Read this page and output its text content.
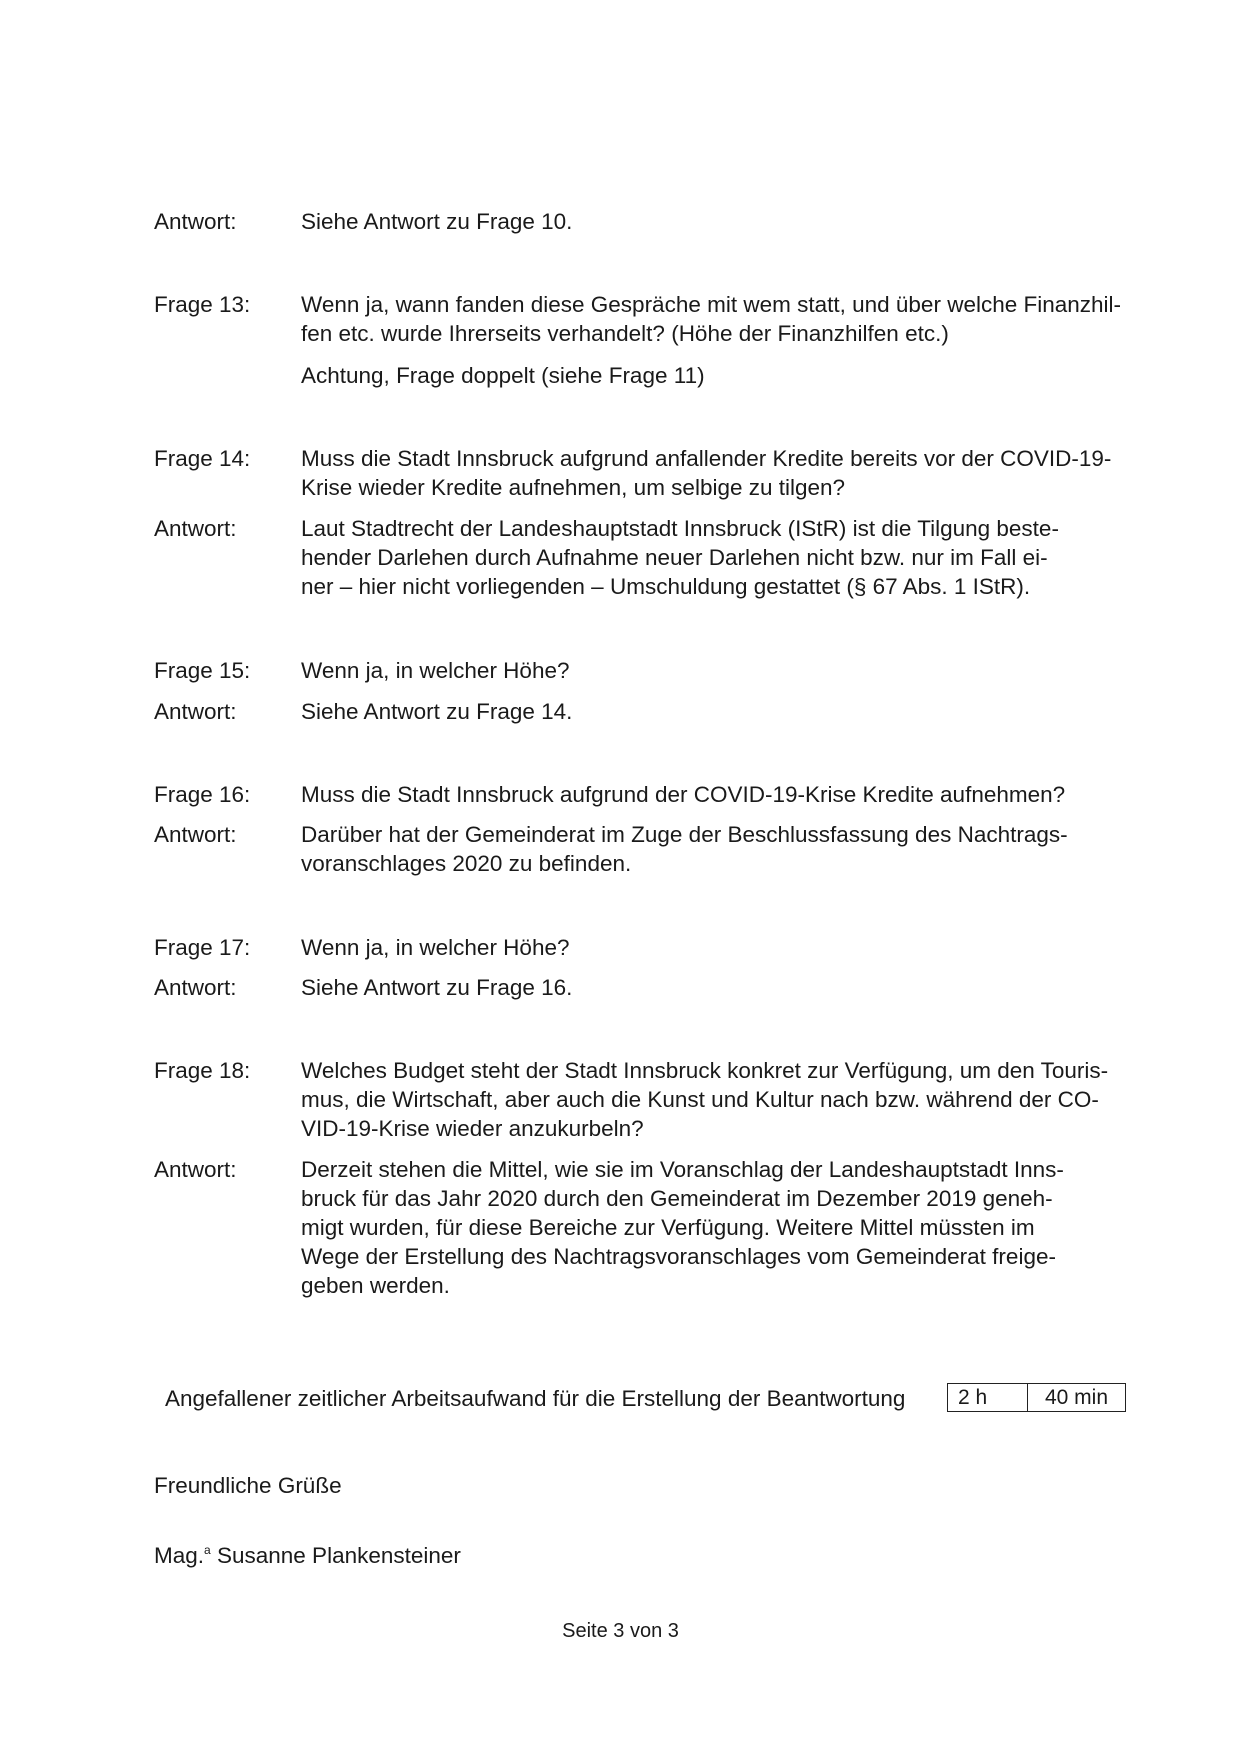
Antwort:	Siehe Antwort zu Frage 10.
Frage 13: Wenn ja, wann fanden diese Gespräche mit wem statt, und über welche Finanzhil-
fen etc. wurde Ihrerseits verhandelt? (Höhe der Finanzhilfen etc.)
Achtung, Frage doppelt (siehe Frage 11)
Frage 14: Muss die Stadt Innsbruck aufgrund anfallender Kredite bereits vor der COVID-19-
Krise wieder Kredite aufnehmen, um selbige zu tilgen?
Antwort:	Laut Stadtrecht der Landeshauptstadt Innsbruck (IStR) ist die Tilgung beste-
hender Darlehen durch Aufnahme neuer Darlehen nicht bzw. nur im Fall ei-
ner – hier nicht vorliegenden – Umschuldung gestattet (§ 67 Abs. 1 IStR).
Frage 15: Wenn ja, in welcher Höhe?
Antwort:	Siehe Antwort zu Frage 14.
Frage 16: Muss die Stadt Innsbruck aufgrund der COVID-19-Krise Kredite aufnehmen?
Antwort:	Darüber hat der Gemeinderat im Zuge der Beschlussfassung des Nachtrags-
voranschlages 2020 zu befinden.
Frage 17: Wenn ja, in welcher Höhe?
Antwort:	Siehe Antwort zu Frage 16.
Frage 18: Welches Budget steht der Stadt Innsbruck konkret zur Verfügung, um den Touris-
mus, die Wirtschaft, aber auch die Kunst und Kultur nach bzw. während der CO-
VID-19-Krise wieder anzukurbeln?
Antwort:	Derzeit stehen die Mittel, wie sie im Voranschlag der Landeshauptstadt Inns-
bruck für das Jahr 2020 durch den Gemeinderat im Dezember 2019 geneh-
migt wurden, für diese Bereiche zur Verfügung. Weitere Mittel müssten im
Wege der Erstellung des Nachtragsvoranschlages vom Gemeinderat freige-
geben werden.
Angefallener zeitlicher Arbeitsaufwand für die Erstellung der Beantwortung	2 h	40 min
Freundliche Grüße
Mag.$^a$ Susanne Plankensteiner
Seite 3 von 3
